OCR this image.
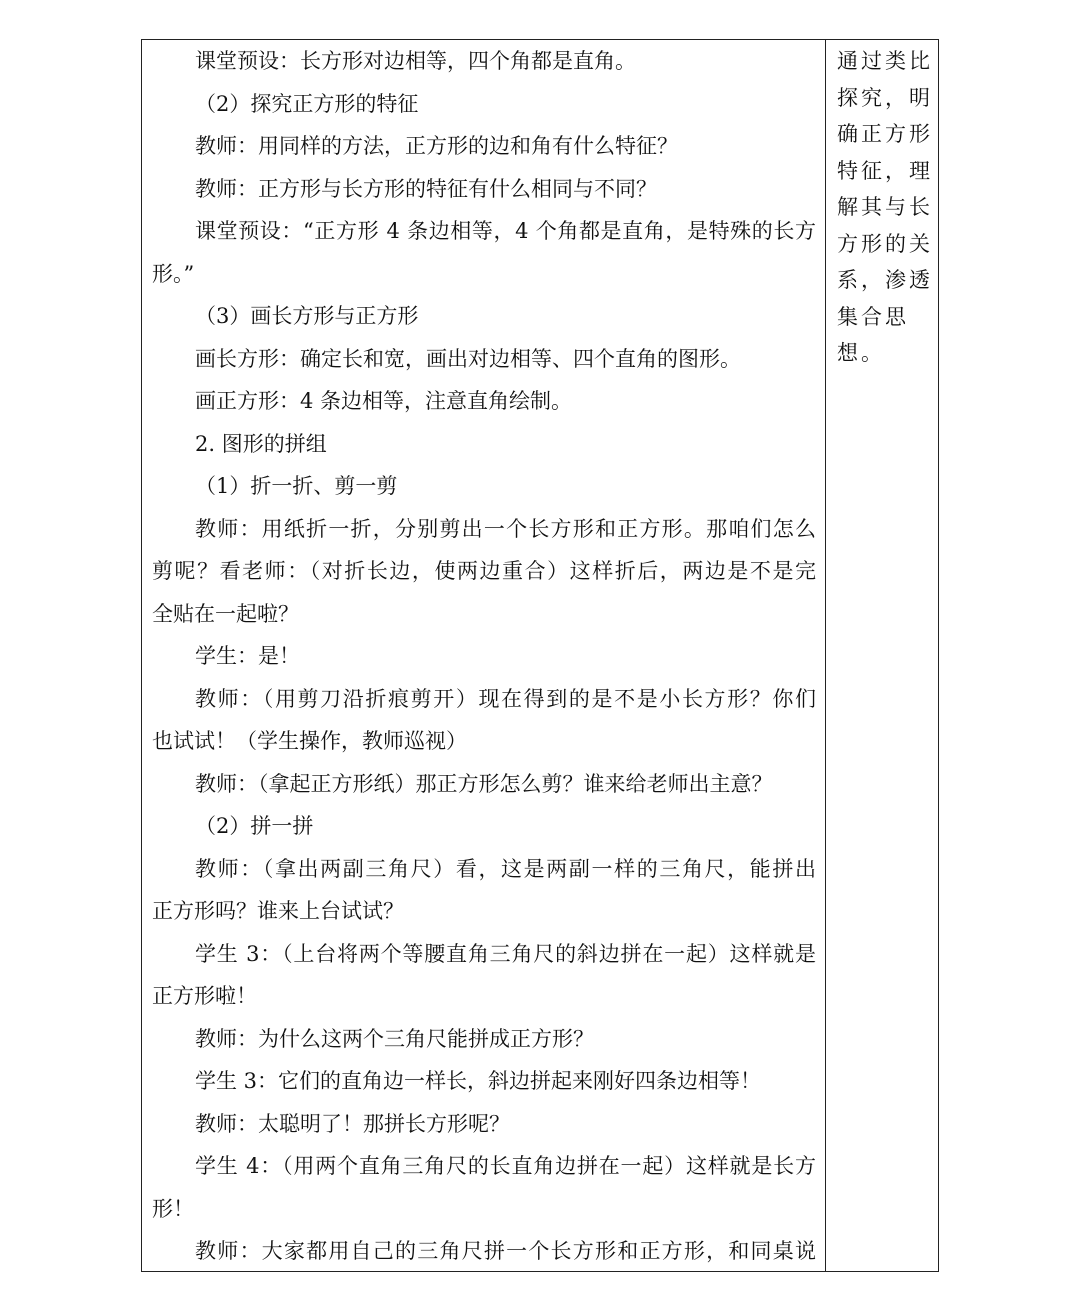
课堂预设：长方形对边相等，四个角都是直角。
（2）探究正方形的特征
教师：用同样的方法，正方形的边和角有什么特征？
教师：正方形与长方形的特征有什么相同与不同？
课堂预设：“正方形 4 条边相等，4 个角都是直角，是特殊的长方
形。”
（3）画长方形与正方形
画长方形：确定长和宽，画出对边相等、四个直角的图形。
画正方形：4 条边相等，注意直角绘制。
2. 图形的拼组
（1）折一折、剪一剪
教师：用纸折一折，分别剪出一个长方形和正方形。那咱们怎么
剪呢？看老师：（对折长边，使两边重合）这样折后，两边是不是完
全贴在一起啦？
学生：是！
教师：（用剪刀沿折痕剪开）现在得到的是不是小长方形？你们
也试试！（学生操作，教师巡视）
教师：（拿起正方形纸）那正方形怎么剪？谁来给老师出主意？
（2）拼一拼
教师：（拿出两副三角尺）看，这是两副一样的三角尺，能拼出
正方形吗？谁来上台试试？
学生 3：（上台将两个等腰直角三角尺的斜边拼在一起）这样就是
正方形啦！
教师：为什么这两个三角尺能拼成正方形？
学生 3：它们的直角边一样长，斜边拼起来刚好四条边相等！
教师：太聪明了！那拼长方形呢？
学生 4：（用两个直角三角尺的长直角边拼在一起）这样就是长方
形！
教师：大家都用自己的三角尺拼一个长方形和正方形，和同桌说
通过类比
探究，明
确正方形
特征，理
解其与长
方形的关
系，渗透
集合思
想。
